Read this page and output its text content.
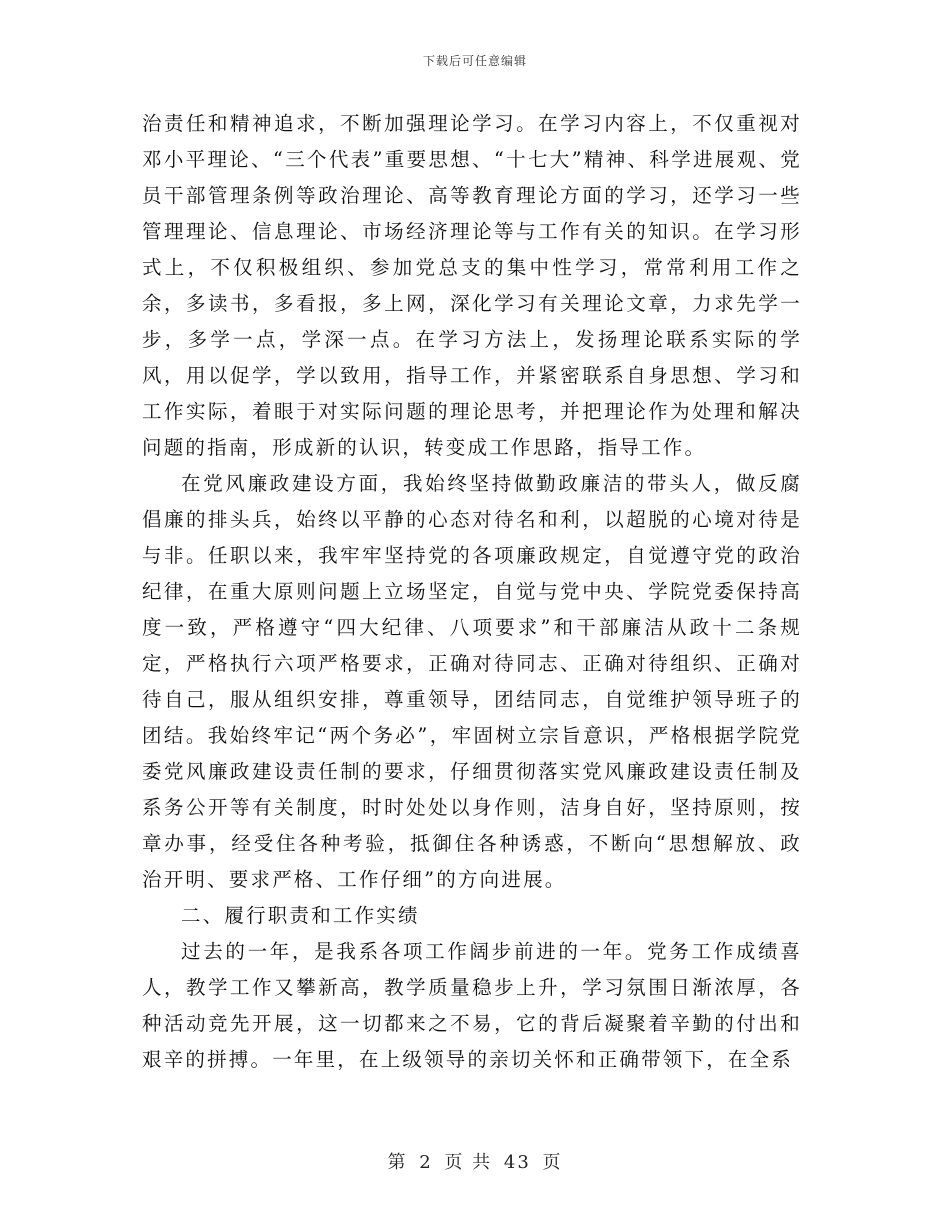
下载后可任意编辑

治责任和精神追求，不断加强理论学习。在学习内容上，不仅重视对邓小平理论、“三个代表”重要思想、“十七大”精神、科学进展观、党员干部管理条例等政治理论、高等教育理论方面的学习，还学习一些管理理论、信息理论、市场经济理论等与工作有关的知识。在学习形式上，不仅积极组织、参加党总支的集中性学习，常常利用工作之余，多读书，多看报，多上网，深化学习有关理论文章，力求先学一步，多学一点，学深一点。在学习方法上，发扬理论联系实际的学风，用以促学，学以致用，指导工作，并紧密联系自身思想、学习和工作实际，着眼于对实际问题的理论思考，并把理论作为处理和解决问题的指南，形成新的认识，转变成工作思路，指导工作。

在党风廉政建设方面，我始终坚持做勤政廉洁的带头人，做反腐倡廉的排头兵，始终以平静的心态对待名和利，以超脱的心境对待是与非。任职以来，我牢牢坚持党的各项廉政规定，自觉遵守党的政治纪律，在重大原则问题上立场坚定，自觉与党中央、学院党委保持高度一致，严格遵守“四大纪律、八项要求”和干部廉洁从政十二条规定，严格执行六项严格要求，正确对待同志、正确对待组织、正确对待自己，服从组织安排，尊重领导，团结同志，自觉维护领导班子的团结。我始终牢记“两个务必”，牢固树立宗旨意识，严格根据学院党委党风廉政建设责任制的要求，仔细贯彻落实党风廉政建设责任制及系务公开等有关制度，时时处处以身作则，洁身自好，坚持原则，按章办事，经受住各种考验，抵御住各种诱惑，不断向“思想解放、政治开明、要求严格、工作仔细”的方向进展。

二、履行职责和工作实绩

过去的一年，是我系各项工作阔步前进的一年。党务工作成绩喜人，教学工作又攀新高，教学质量稳步上升，学习氛围日渐浓厚，各种活动竞先开展，这一切都来之不易，它的背后凝聚着辛勤的付出和艰辛的拼搏。一年里，在上级领导的亲切关怀和正确带领下，在全系

第 2 页 共 43 页
